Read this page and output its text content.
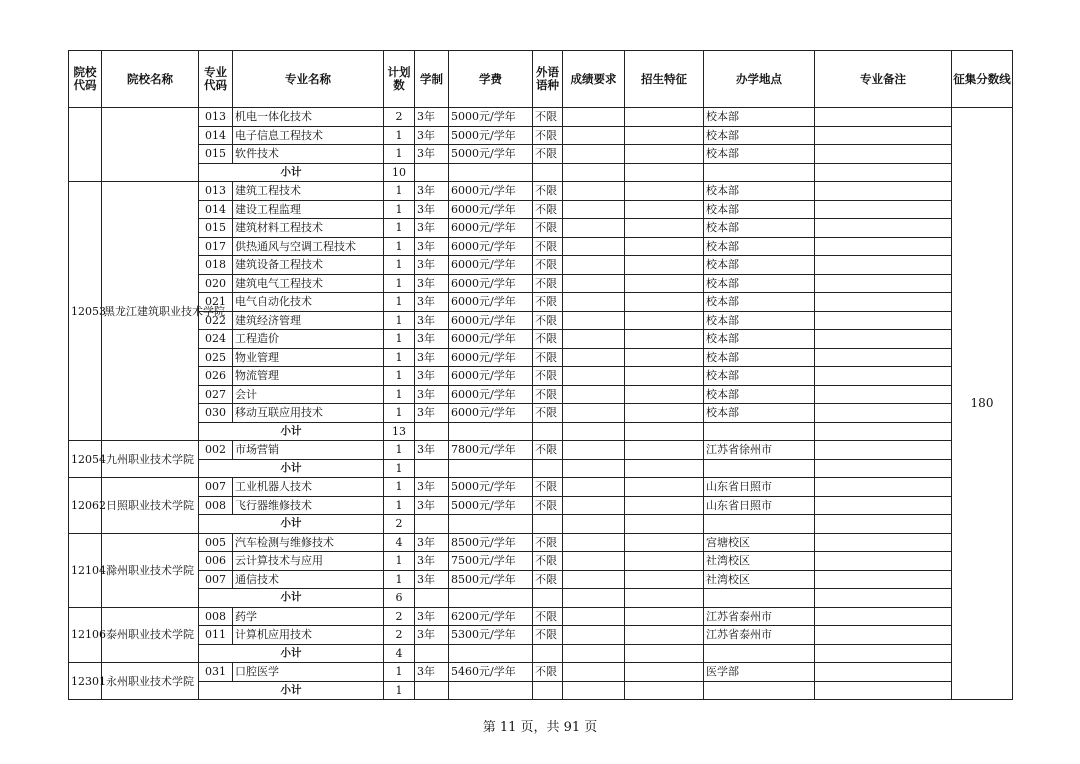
院校代码	院校名称	专业代码	专业名称	计划数	学制	学费	外语语种	成绩要求	招生特征	办学地点	专业备注	征集分数线
		013	机电一体化技术	2	3年	5000元/学年	不限			校本部		180
		014	电子信息工程技术	1	3年	5000元/学年	不限			校本部		
		015	软件技术	1	3年	5000元/学年	不限			校本部		
		小计		10								
12053	黑龙江建筑职业技术学院	013	建筑工程技术	1	3年	6000元/学年	不限			校本部		
		014	建设工程监理	1	3年	6000元/学年	不限			校本部		
		015	建筑材料工程技术	1	3年	6000元/学年	不限			校本部		
		017	供热通风与空调工程技术	1	3年	6000元/学年	不限			校本部		
		018	建筑设备工程技术	1	3年	6000元/学年	不限			校本部		
		020	建筑电气工程技术	1	3年	6000元/学年	不限			校本部		
		021	电气自动化技术	1	3年	6000元/学年	不限			校本部		
		022	建筑经济管理	1	3年	6000元/学年	不限			校本部		
		024	工程造价	1	3年	6000元/学年	不限			校本部		
		025	物业管理	1	3年	6000元/学年	不限			校本部		
		026	物流管理	1	3年	6000元/学年	不限			校本部		
		027	会计	1	3年	6000元/学年	不限			校本部		
		030	移动互联应用技术	1	3年	6000元/学年	不限			校本部		
		小计		13								
12054	九州职业技术学院	002	市场营销	1	3年	7800元/学年	不限			江苏省徐州市		
		小计		1								
12062	日照职业技术学院	007	工业机器人技术	1	3年	5000元/学年	不限			山东省日照市		
		008	飞行器维修技术	1	3年	5000元/学年	不限			山东省日照市		
		小计		2								
12104	滁州职业技术学院	005	汽车检测与维修技术	4	3年	8500元/学年	不限			宫塘校区		
		006	云计算技术与应用	1	3年	7500元/学年	不限			社湾校区		
		007	通信技术	1	3年	8500元/学年	不限			社湾校区		
		小计		6								
12106	泰州职业技术学院	008	药学	2	3年	6200元/学年	不限			江苏省泰州市		
		011	计算机应用技术	2	3年	5300元/学年	不限			江苏省泰州市		
		小计		4								
12301	永州职业技术学院	031	口腔医学	1	3年	5460元/学年	不限			医学部		
		小计		1								
第 11 页，共 91 页
